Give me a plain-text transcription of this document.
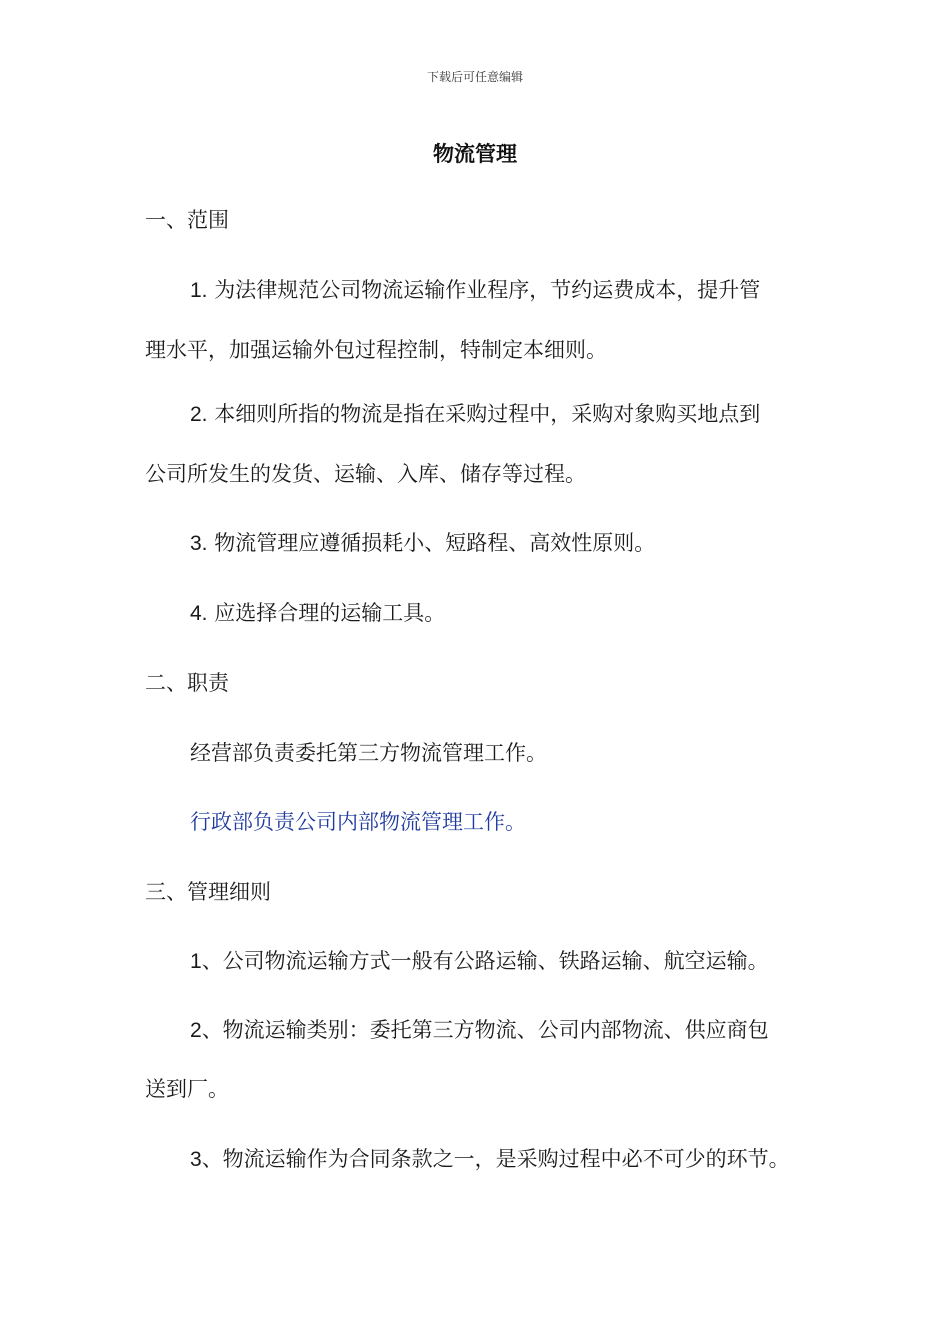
下载后可任意编辑
物流管理
一、范围
1. 为法律规范公司物流运输作业程序，节约运费成本，提升管
理水平，加强运输外包过程控制，特制定本细则。
2. 本细则所指的物流是指在采购过程中，采购对象购买地点到
公司所发生的发货、运输、入库、储存等过程。
3. 物流管理应遵循损耗小、短路程、高效性原则。
4. 应选择合理的运输工具。
二、职责
经营部负责委托第三方物流管理工作。
行政部负责公司内部物流管理工作。
三、管理细则
1、公司物流运输方式一般有公路运输、铁路运输、航空运输。
2、物流运输类别：委托第三方物流、公司内部物流、供应商包
送到厂。
3、物流运输作为合同条款之一，是采购过程中必不可少的环节。
